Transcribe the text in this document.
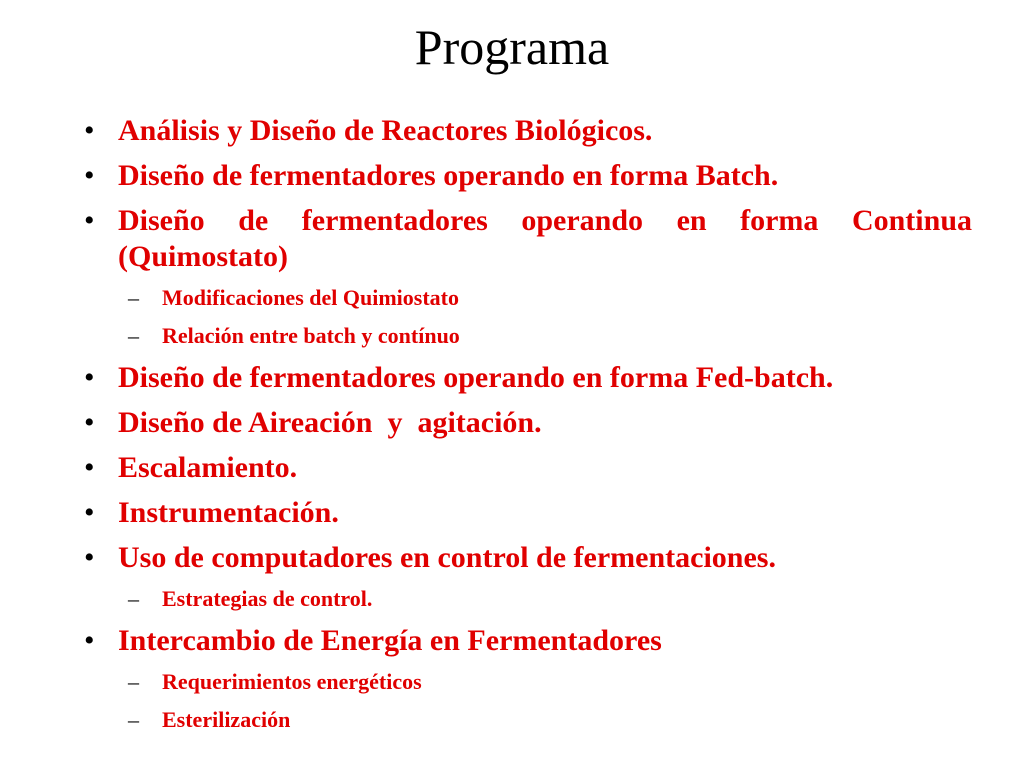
Programa
• Análisis y Diseño de Reactores Biológicos.
• Diseño de fermentadores operando en forma Batch.
• Diseño de fermentadores operando en forma Continua
(Quimostato)
– Modificaciones del Quimiostato
– Relación entre batch y contínuo
• Diseño de fermentadores operando en forma Fed-batch.
• Diseño de Aireación  y  agitación.
• Escalamiento.
• Instrumentación.
• Uso de computadores en control de fermentaciones.
– Estrategias de control.
• Intercambio de Energía en Fermentadores
– Requerimientos energéticos
– Esterilización
